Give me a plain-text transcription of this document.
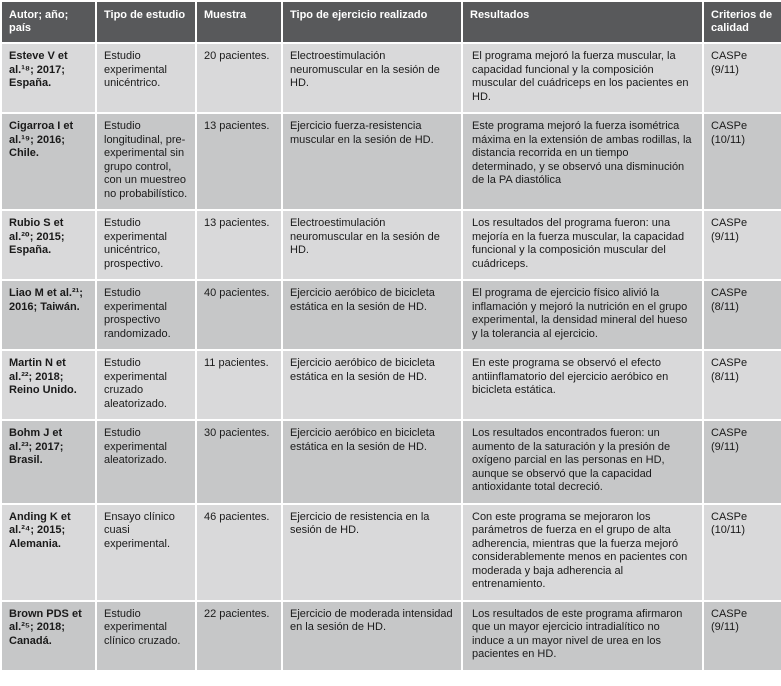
Autor; año; país	Tipo de estudio	Muestra	Tipo de ejercicio realizado	Resultados	Criterios de calidad
Esteve V et al.¹⁸; 2017; España.	Estudio experimental unicéntrico.	20 pacientes.	Electroestimulación neuromuscular en la sesión de HD.	El programa mejoró la fuerza muscular, la capacidad funcional y la composición muscular del cuádriceps en los pacientes en HD.	CASPe (9/11)
Cigarroa I et al.¹⁹; 2016; Chile.	Estudio longitudinal, pre-experimental sin grupo control, con un muestreo no probabilístico.	13 pacientes.	Ejercicio fuerza-resistencia muscular en la sesión de HD.	Este programa mejoró la fuerza isométrica máxima en la extensión de ambas rodillas, la distancia recorrida en un tiempo determinado, y se observó una disminución de la PA diastólica	CASPe (10/11)
Rubio S et al.²⁰; 2015; España.	Estudio experimental unicéntrico, prospectivo.	13 pacientes.	Electroestimulación neuromuscular en la sesión de HD.	Los resultados del programa fueron: una mejoría en la fuerza muscular, la capacidad funcional y la composición muscular del cuádriceps.	CASPe (9/11)
Liao M et al.²¹; 2016; Taiwán.	Estudio experimental prospectivo randomizado.	40 pacientes.	Ejercicio aeróbico de bicicleta estática en la sesión de HD.	El programa de ejercicio físico alivió la inflamación y mejoró la nutrición en el grupo experimental, la densidad mineral del hueso y la tolerancia al ejercicio.	CASPe (8/11)
Martin N et al.²²; 2018; Reino Unido.	Estudio experimental cruzado aleatorizado.	11 pacientes.	Ejercicio aeróbico de bicicleta estática en la sesión de HD.	En este programa se observó el efecto antiinflamatorio del ejercicio aeróbico en bicicleta estática.	CASPe (8/11)
Bohm J et al.²³; 2017; Brasil.	Estudio experimental aleatorizado.	30 pacientes.	Ejercicio aeróbico en bicicleta estática en la sesión de HD.	Los resultados encontrados fueron: un aumento de la saturación y la presión de oxígeno parcial en las personas en HD, aunque se observó que la capacidad antioxidante total decreció.	CASPe (9/11)
Anding K et al.²⁴; 2015; Alemania.	Ensayo clínico cuasi experimental.	46 pacientes.	Ejercicio de resistencia en la sesión de HD.	Con este programa se mejoraron los parámetros de fuerza en el grupo de alta adherencia, mientras que la fuerza mejoró considerablemente menos en pacientes con moderada y baja adherencia al entrenamiento.	CASPe (10/11)
Brown PDS et al.²⁵; 2018; Canadá.	Estudio experimental clínico cruzado.	22 pacientes.	Ejercicio de moderada intensidad en la sesión de HD.	Los resultados de este programa afirmaron que un mayor ejercicio intradialítico no induce a un mayor nivel de urea en los pacientes en HD.	CASPe (9/11)
